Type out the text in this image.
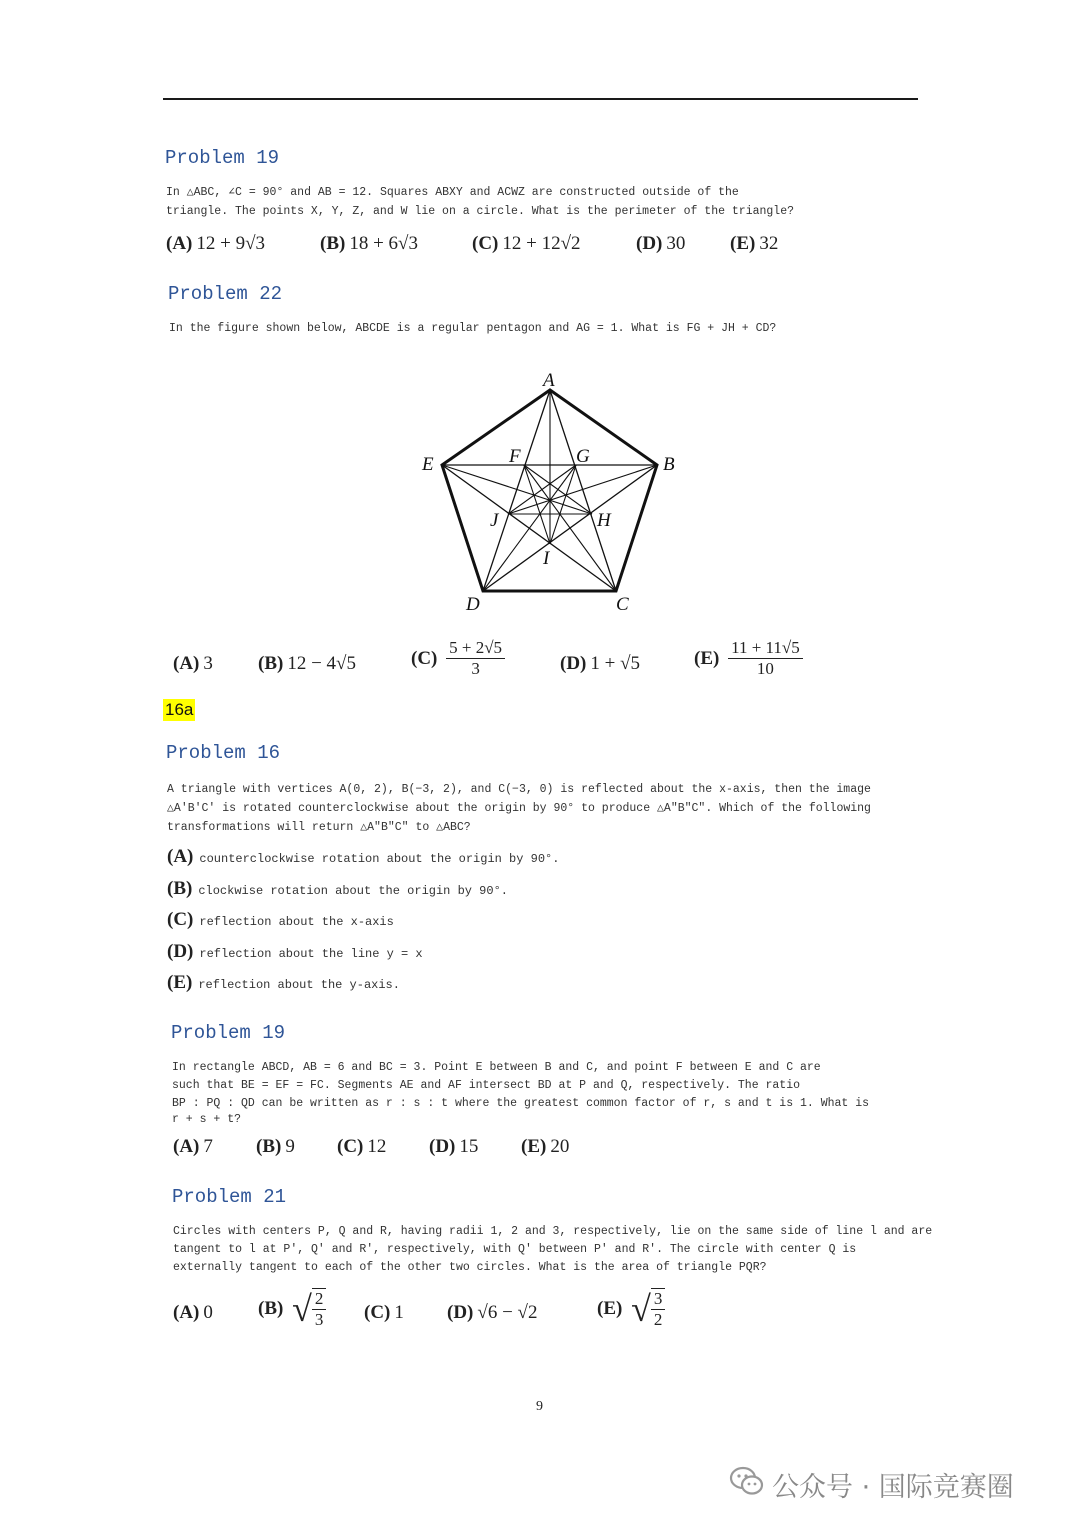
Problem 19
In △ABC, ∠C = 90° and AB = 12. Squares ABXY and ACWZ are constructed outside of the
triangle. The points X, Y, Z, and W lie on a circle. What is the perimeter of the triangle?
(A) 12 + 9√3	(B) 18 + 6√3	(C) 12 + 12√2	(D) 30 (E) 32
Problem 22
In the figure shown below, ABCDE is a regular pentagon and AG = 1. What is FG + JH + CD?
A
B
C
D
E	F	G
H
I
J
(A) 3 (B) 12 − 4√5	$(C) \frac{5 + 2√5}{3}$	(D) 1 + √5	$(E) \frac{11 + 11√5}{10}$
16a
Problem 16
A triangle with vertices A(0, 2), B(−3, 2), and C(−3, 0) is reflected about the x-axis, then the image
△A′B′C′ is rotated counterclockwise about the origin by 90° to produce △A″B″C″. Which of the following
transformations will return △A″B″C″ to △ABC?
(A) counterclockwise rotation about the origin by 90°.
(B) clockwise rotation about the origin by 90°.
(C) reflection about the x-axis
(D) reflection about the line y = x
(E) reflection about the y-axis.
Problem 19
In rectangle ABCD, AB = 6 and BC = 3. Point E between B and C, and point F between E and C are
such that BE = EF = FC. Segments AE and AF intersect BD at P and Q, respectively. The ratio
BP : PQ : QD can be written as r : s : t where the greatest common factor of r, s and t is 1. What is
r + s + t?
(A) 7 (B) 9 (C) 12 (D) 15 (E) 20
Problem 21
Circles with centers P, Q and R, having radii 1, 2 and 3, respectively, lie on the same side of line l and are
tangent to l at P′, Q′ and R′, respectively, with Q′ between P′ and R′. The circle with center Q is
externally tangent to each of the other two circles. What is the area of triangle PQR?
(A) 0 (B) √ $\frac{2}{3} (C)$ 1 (D) √6 − √2	(E) √ $\frac{3}{2}$
9
公众号 · 国际竞赛圈
